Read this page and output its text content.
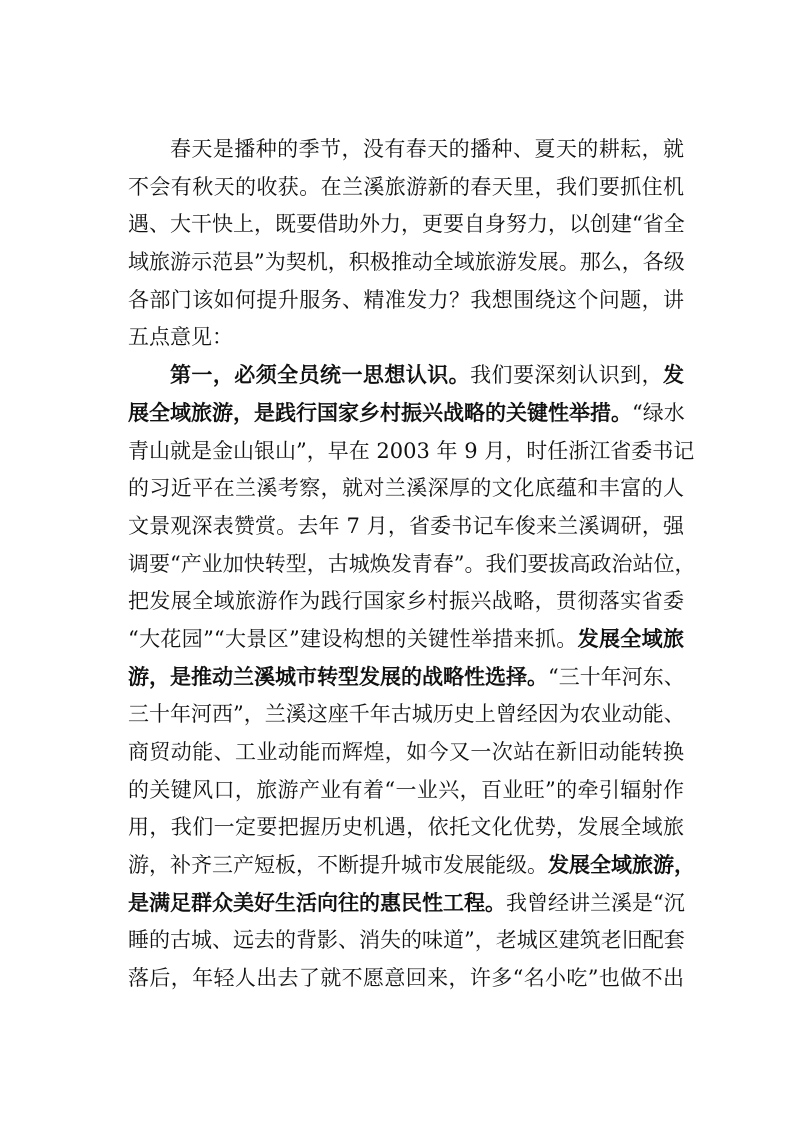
春天是播种的季节，没有春天的播种、夏天的耕耘，就
不会有秋天的收获。在兰溪旅游新的春天里，我们要抓住机
遇、大干快上，既要借助外力，更要自身努力，以创建“省全
域旅游示范县”为契机，积极推动全域旅游发展。那么，各级
各部门该如何提升服务、精准发力？我想围绕这个问题，讲
五点意见：
第一，必须全员统一思想认识。我们要深刻认识到，发
展全域旅游，是践行国家乡村振兴战略的关键性举措。“绿水
青山就是金山银山”，早在 2003 年 9 月，时任浙江省委书记
的习近平在兰溪考察，就对兰溪深厚的文化底蕴和丰富的人
文景观深表赞赏。去年 7 月，省委书记车俊来兰溪调研，强
调要“产业加快转型，古城焕发青春”。我们要拔高政治站位，
把发展全域旅游作为践行国家乡村振兴战略，贯彻落实省委
“大花园”“大景区”建设构想的关键性举措来抓。发展全域旅
游，是推动兰溪城市转型发展的战略性选择。“三十年河东、
三十年河西”，兰溪这座千年古城历史上曾经因为农业动能、
商贸动能、工业动能而辉煌，如今又一次站在新旧动能转换
的关键风口，旅游产业有着“一业兴，百业旺”的牵引辐射作
用，我们一定要把握历史机遇，依托文化优势，发展全域旅
游，补齐三产短板，不断提升城市发展能级。发展全域旅游，
是满足群众美好生活向往的惠民性工程。我曾经讲兰溪是“沉
睡的古城、远去的背影、消失的味道”，老城区建筑老旧配套
落后，年轻人出去了就不愿意回来，许多“名小吃”也做不出
